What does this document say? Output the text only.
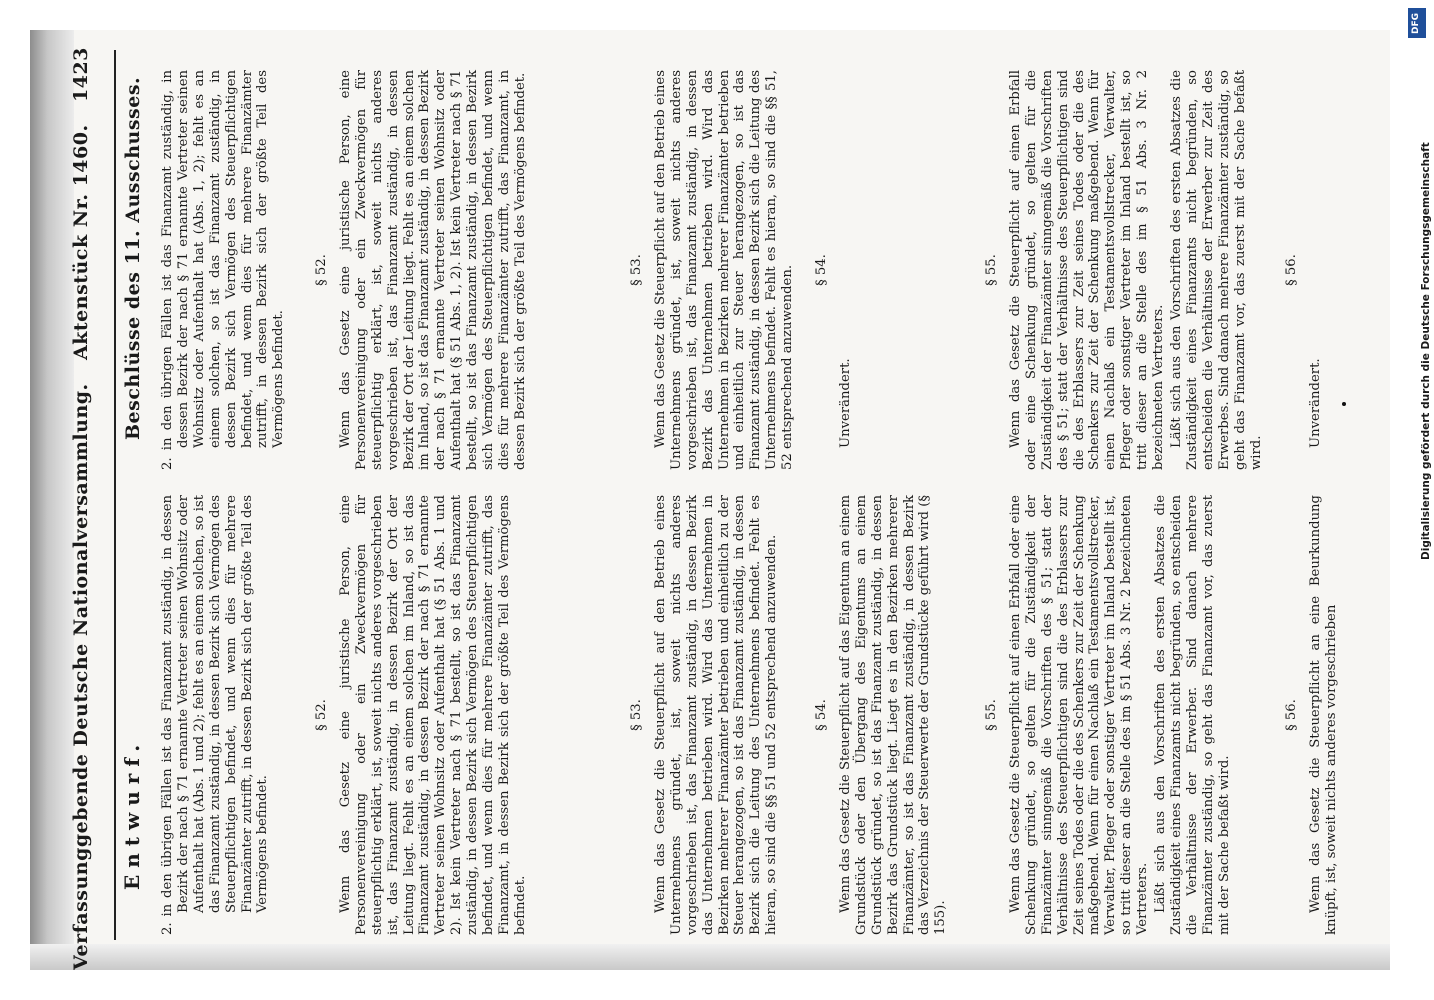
Verfassunggebende Deutsche Nationalversammlung.
Aktenstück Nr. 1460.
1423
Entwurf.
Beschlüsse des 11. Ausschusses.

2. in den übrigen Fällen ist das Finanzamt zuständig, in dessen Bezirk der nach § 71 ernannte Vertreter seinen Wohnsitz oder Aufenthalt hat (Abs. 1 und 2); fehlt es an einem solchen, so ist das Finanzamt zuständig, in dessen Bezirk sich Vermögen des Steuerpflichtigen befindet, und wenn dies für mehrere Finanzämter zutrifft, in dessen Bezirk sich der größte Teil des Vermögens befindet.

§ 52. Wenn das Gesetz eine juristische Person, eine Personenvereinigung oder ein Zweckvermögen für steuerpflichtig erklärt, ist, soweit nichts anderes vorgeschrieben ist, das Finanzamt zuständig, in dessen Bezirk der Ort der Leitung liegt. Fehlt es an einem solchen im Inland, so ist das Finanzamt zuständig, in dessen Bezirk der nach § 71 ernannte Vertreter seinen Wohnsitz oder Aufenthalt hat (§ 51 Abs. 1 und 2). Ist kein Vertreter nach § 71 bestellt, so ist das Finanzamt zuständig, in dessen Bezirk sich Vermögen des Steuerpflichtigen befindet, und wenn dies für mehrere Finanzämter zutrifft, das Finanzamt, in dessen Bezirk sich der größte Teil des Vermögens befindet.

§ 53. Wenn das Gesetz die Steuerpflicht auf den Betrieb eines Unternehmens gründet, ist, soweit nichts anderes vorgeschrieben ist, das Finanzamt zuständig, in dessen Bezirk das Unternehmen betrieben wird. Wird das Unternehmen in Bezirken mehrerer Finanzämter betrieben und einheitlich zu der Steuer herangezogen, so ist das Finanzamt zuständig, in dessen Bezirk sich die Leitung des Unternehmens befindet. Fehlt es hieran, so sind die §§ 51 und 52 entsprechend anzuwenden.	§ 54. Wenn das Gesetz die Steuerpflicht auf das Eigentum an einem Grundstück oder den Übergang des Eigentums an einem Grundstück gründet, so ist das Finanzamt zuständig, in dessen Bezirk das Grundstück liegt. Liegt es in den Bezirken mehrerer Finanzämter, so ist das Finanzamt zuständig, in dessen Bezirk das Verzeichnis der Steuerwerte der Grundstücke geführt wird (§ 155).

§ 55. Wenn das Gesetz die Steuerpflicht auf einen Erbfall oder eine Schenkung gründet, so gelten für die Zuständigkeit der Finanzämter sinngemäß die Vorschriften des § 51; statt der Verhältnisse des Steuerpflichtigen sind die des Erblassers zur Zeit seines Todes oder die des Schenkers zur Zeit der Schenkung maßgebend. Wenn für einen Nachlaß ein Testamentsvollstrecker, Verwalter, Pfleger oder sonstiger Vertreter im Inland bestellt ist, so tritt dieser an die Stelle des im § 51 Abs. 3 Nr. 2 bezeichneten Vertreters. Läßt sich aus den Vorschriften des ersten Absatzes die Zuständigkeit eines Finanzamts nicht begründen, so entscheiden die Verhältnisse der Erwerber. Sind danach mehrere Finanzämter zuständig, so geht das Finanzamt vor, das zuerst mit der Sache befaßt wird.

§ 56. Wenn das Gesetz die Steuerpflicht an eine Beurkundung knüpft, ist, soweit nichts anderes vorgeschrieben

2. in den übrigen Fällen ist das Finanzamt zuständig, in dessen Bezirk der nach § 71 ernannte Vertreter seinen Wohnsitz oder Aufenthalt hat (Abs. 1, 2); fehlt es an einem solchen, so ist das Finanzamt zuständig, in dessen Bezirk sich Vermögen des Steuerpflichtigen befindet, und wenn dies für mehrere Finanzämter zutrifft, in dessen Bezirk sich der größte Teil des Vermögens befindet.

§ 52. Wenn das Gesetz eine juristische Person, eine Personenvereinigung oder ein Zweckvermögen für steuerpflichtig erklärt, ist, soweit nichts anderes vorgeschrieben ist, das Finanzamt zuständig, in dessen Bezirk der Ort der Leitung liegt. Fehlt es an einem solchen im Inland, so ist das Finanzamt zuständig, in dessen Bezirk der nach § 71 ernannte Vertreter seinen Wohnsitz oder Aufenthalt hat (§ 51 Abs. 1, 2). Ist kein Vertreter nach § 71 bestellt, so ist das Finanzamt zuständig, in dessen Bezirk sich Vermögen des Steuerpflichtigen befindet, und wenn dies für mehrere Finanzämter zutrifft, das Finanzamt, in dessen Bezirk sich der größte Teil des Vermögens befindet.	§ 53. Wenn das Gesetz die Steuerpflicht auf den Betrieb eines Unternehmens gründet, ist, soweit nichts anderes vorgeschrieben ist, das Finanzamt zuständig, in dessen Bezirk das Unternehmen betrieben wird. Wird das Unternehmen in Bezirken mehrerer Finanzämter betrieben und einheitlich zur Steuer herangezogen, so ist das Finanzamt zuständig, in dessen Bezirk sich die Leitung des Unternehmens befindet. Fehlt es hieran, so sind die §§ 51, 52 entsprechend anzuwenden. § 54.

Unverändert.

§ 55. Wenn das Gesetz die Steuerpflicht auf einen Erbfall oder eine Schenkung gründet, so gelten für die Zuständigkeit der Finanzämter sinngemäß die Vorschriften des § 51; statt der Verhältnisse des Steuerpflichtigen sind die des Erblassers zur Zeit seines Todes oder die des Schenkers zur Zeit der Schenkung maßgebend. Wenn für einen Nachlaß ein Testamentsvollstrecker, Verwalter, Pfleger oder sonstiger Vertreter im Inland bestellt ist, so tritt dieser an die Stelle des im § 51 Abs. 3 Nr. 2 bezeichneten Vertreters. Läßt sich aus den Vorschriften des ersten Absatzes die Zuständigkeit eines Finanzamts nicht begründen, so entscheiden die Verhältnisse der Erwerber zur Zeit des Erwerbes. Sind danach mehrere Finanzämter zuständig, so geht das Finanzamt vor, das zuerst mit der Sache befaßt wird.

§ 56.

Unverändert.	Digitalisierung gefördert durch die Deutsche Forschungsgemeinschaft
DFG
